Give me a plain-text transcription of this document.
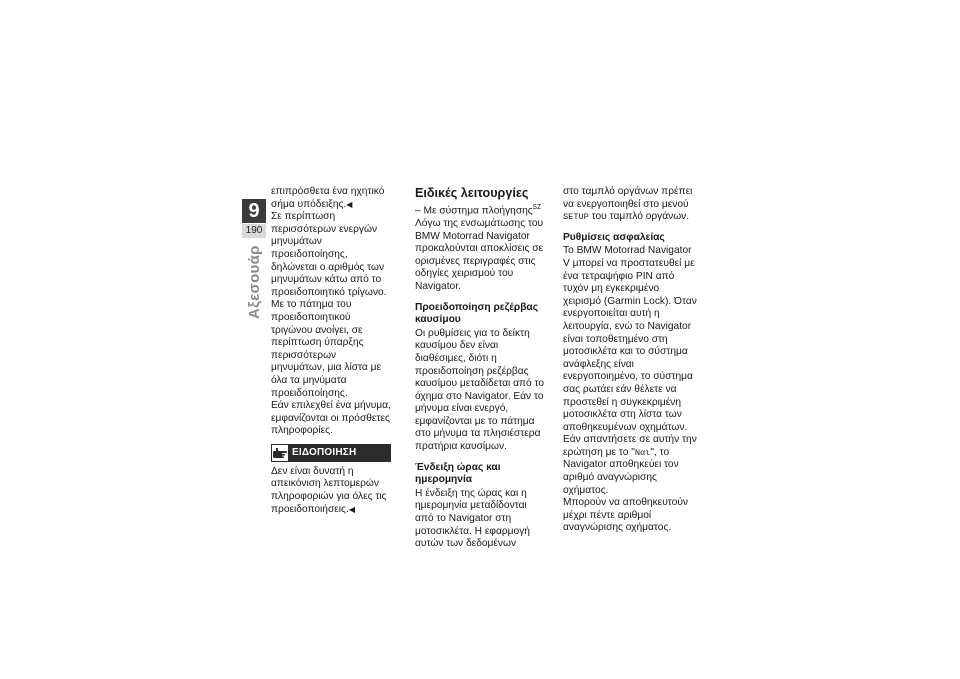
9
190
Αξεσουάρ

επιπρόσθετα ένα ηχητικό σήμα υπόδειξης.◀

Σε περίπτωση περισσότερων ενεργών μηνυμάτων προειδοποίησης, δηλώνεται ο αριθμός των μηνυμάτων κάτω από το προειδοποιητικό τρίγωνο.

Με το πάτημα του προειδοποιητικού τριγώνου ανοίγει, σε περίπτωση ύπαρξης περισσότερων μηνυμάτων, μια λίστα με όλα τα μηνύματα προειδοποίησης.

Εάν επιλεχθεί ένα μήνυμα, εμφανίζονται οι πρόσθετες πληροφορίες.

ΕΙΔΟΠΟΙΗΣΗ

Δεν είναι δυνατή η απεικόνιση λεπτομερών πληροφοριών για όλες τις προειδοποιήσεις.◀

Ειδικές λειτουργίες

– Με σύστημα πλοήγησης$^{SZ}$

Λόγω της ενσωμάτωσης του BMW Motorrad Navigator προκαλούνται αποκλίσεις σε ορισμένες περιγραφές στις οδηγίες χειρισμού του Navigator.

Προειδοποίηση ρεζέρβας καυσίμου

Οι ρυθμίσεις για το δείκτη καυσίμου δεν είναι διαθέσιμες, διότι η προειδοποίηση ρεζέρβας καυσίμου μεταδίδεται από το όχημα στο Navigator. Εάν το μήνυμα είναι ενεργό, εμφανίζονται με το πάτημα στο μήνυμα τα πλησιέστερα πρατήρια καυσίμων.

Ένδειξη ώρας και ημερομηνία

Η ένδειξη της ώρας και η ημερομηνία μεταδίδονται από το Navigator στη μοτοσικλέτα. Η εφαρμογή αυτών των δεδομένων

στο ταμπλό οργάνων πρέπει να ενεργοποιηθεί στο μενού SETUP του ταμπλό οργάνων.

Ρυθμίσεις ασφαλείας

Το BMW Motorrad Navigator V μπορεί να προστατευθεί με ένα τετραψήφιο PIN από τυχόν μη εγκεκριμένο χειρισμό (Garmin Lock). Όταν ενεργοποιείται αυτή η λειτουργία, ενώ το Navigator είναι τοποθετημένο στη μοτοσικλέτα και το σύστημα ανάφλεξης είναι ενεργοποιημένο, το σύστημα σας ρωτάει εάν θέλετε να προστεθεί η συγκεκριμένη μοτοσικλέτα στη λίστα των αποθηκευμένων οχημάτων. Εάν απαντήσετε σε αυτήν την ερώτηση με το "Ναι", το Navigator αποθηκεύει τον αριθμό αναγνώρισης οχήματος.

Μπορούν να αποθηκευτούν μέχρι πέντε αριθμοί αναγνώρισης οχήματος.
